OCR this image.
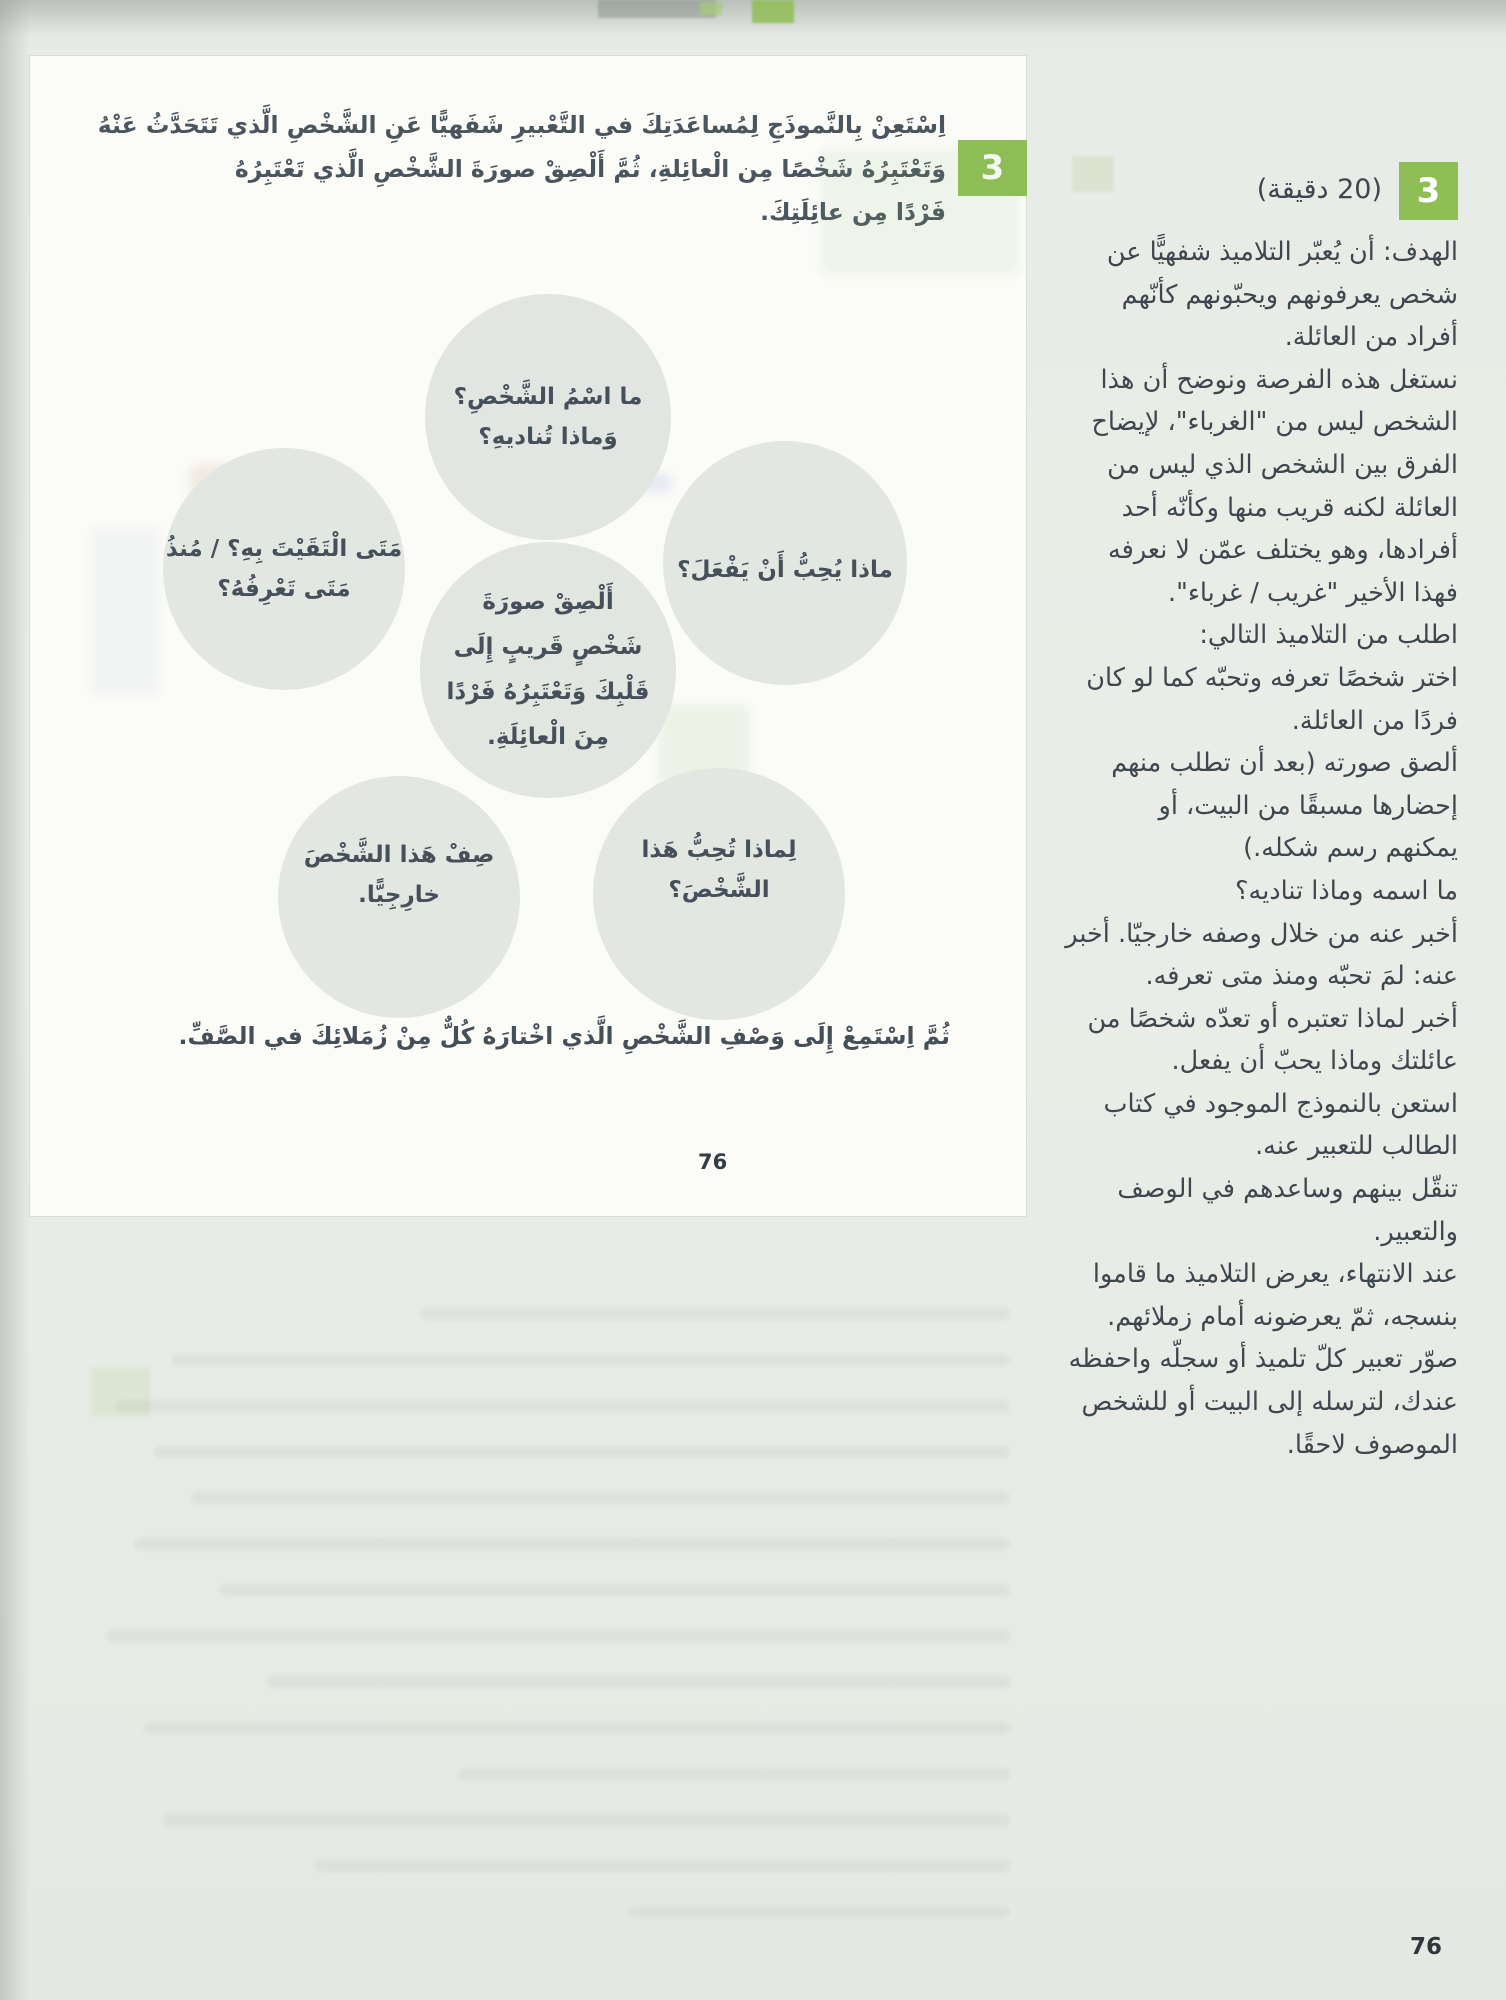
3
اِسْتَعِنْ بِالنَّموذَجِ لِمُساعَدَتِكَ في التَّعْبيرِ شَفَهيًّا عَنِ الشَّخْصِ الَّذي تَتَحَدَّثُ عَنْهُ
وَتَعْتَبِرُهُ شَخْصًا مِن الْعائِلةِ، ثُمَّ أَلْصِقْ صورَةَ الشَّخْصِ الَّذي تَعْتَبِرُهُ
فَرْدًا مِن عائِلَتِكَ.
ما اسْمُ الشَّخْصِ؟
وَماذا تُناديهِ؟
مَتَى الْتَقَيْتَ بِهِ؟ / مُنذُ
مَتَى تَعْرِفُهُ؟
ماذا يُحِبُّ أَنْ يَفْعَلَ؟
أَلْصِقْ صورَةَ
شَخْصٍ قَريبٍ إِلَى
قَلْبِكَ وَتَعْتَبِرُهُ فَرْدًا
مِنَ الْعائِلَةِ.
صِفْ هَذا الشَّخْصَ
خارِجِيًّا.
لِماذا تُحِبُّ هَذا
الشَّخْصَ؟
ثُمَّ اِسْتَمِعْ إِلَى وَصْفِ الشَّخْصِ الَّذي اخْتارَهُ كُلٌّ مِنْ زُمَلائِكَ في الصَّفِّ.
76
3
(20 دقيقة)
الهدف: أن يُعبّر التلاميذ شفهيًّا عن
شخص يعرفونهم ويحبّونهم كأنّهم
أفراد من العائلة.
نستغل هذه الفرصة ونوضح أن هذا
الشخص ليس من "الغرباء"، لإيضاح
الفرق بين الشخص الذي ليس من
العائلة لكنه قريب منها وكأنّه أحد
أفرادها، وهو يختلف عمّن لا نعرفه
فهذا الأخير "غريب / غرباء".
اطلب من التلاميذ التالي:
اختر شخصًا تعرفه وتحبّه كما لو كان
فردًا من العائلة.
ألصق صورته (بعد أن تطلب منهم
إحضارها مسبقًا من البيت، أو
يمكنهم رسم شكله.)
ما اسمه وماذا تناديه؟
أخبر عنه من خلال وصفه خارجيّا. أخبر
عنه: لمَ تحبّه ومنذ متى تعرفه.
أخبر لماذا تعتبره أو تعدّه شخصًا من
عائلتك وماذا يحبّ أن يفعل.
استعن بالنموذج الموجود في كتاب
الطالب للتعبير عنه.
تنقّل بينهم وساعدهم في الوصف
والتعبير.
عند الانتهاء، يعرض التلاميذ ما قاموا
بنسجه، ثمّ يعرضونه أمام زملائهم.
صوّر تعبير كلّ تلميذ أو سجلّه واحفظه
عندك، لترسله إلى البيت أو للشخص
الموصوف لاحقًا.
76
